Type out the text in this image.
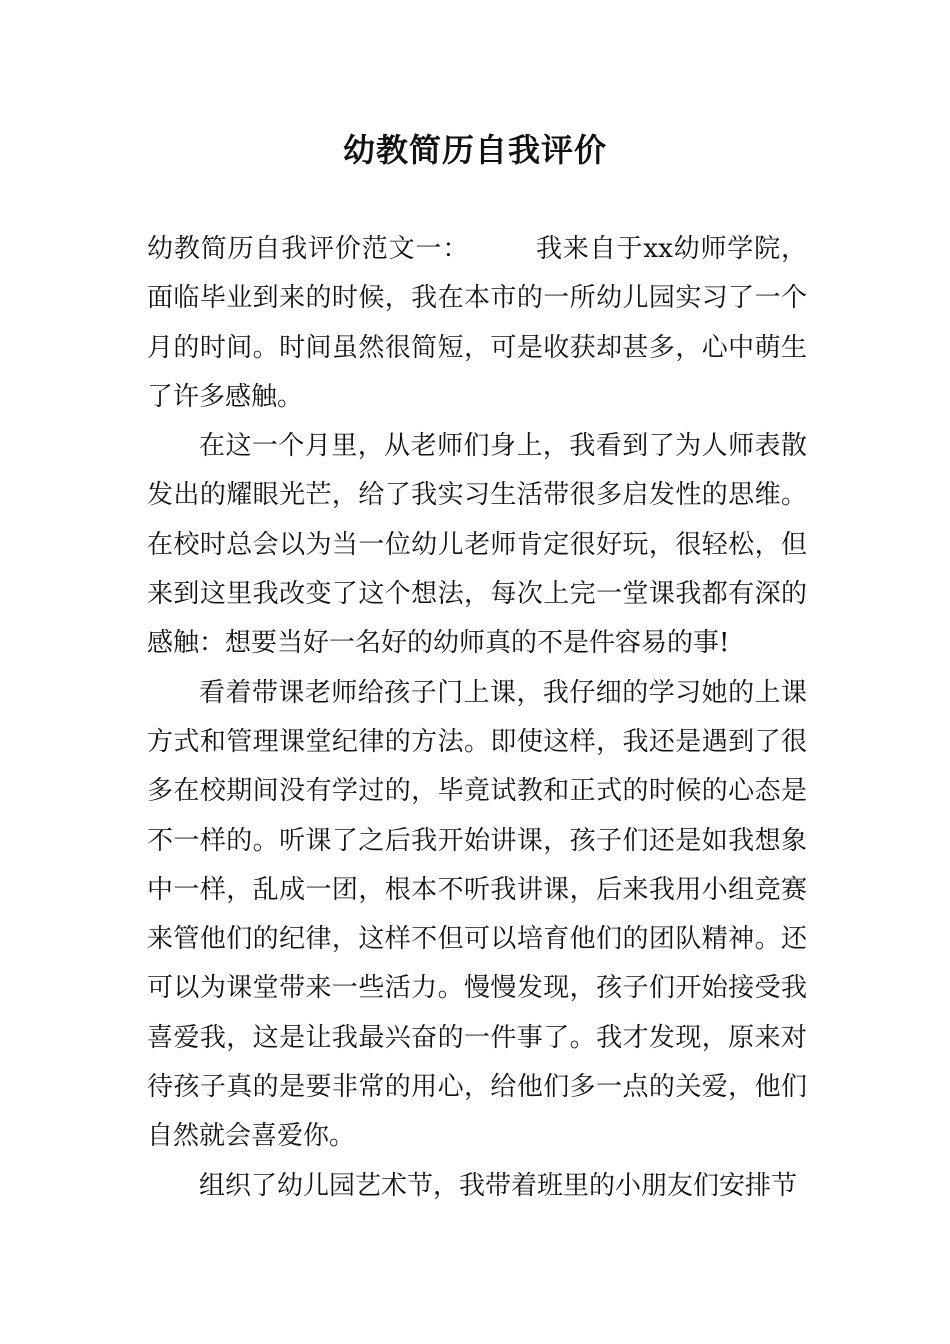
幼教简历自我评价

幼教简历自我评价范文一：	我来自于xx幼师学院，面临毕业到来的时候，我在本市的一所幼儿园实习了一个月的时间。时间虽然很简短，可是收获却甚多，心中萌生了许多感触。

在这一个月里，从老师们身上，我看到了为人师表散发出的耀眼光芒，给了我实习生活带很多启发性的思维。在校时总会以为当一位幼儿老师肯定很好玩，很轻松，但来到这里我改变了这个想法，每次上完一堂课我都有深的感触：想要当好一名好的幼师真的不是件容易的事!

看着带课老师给孩子门上课，我仔细的学习她的上课方式和管理课堂纪律的方法。即使这样，我还是遇到了很多在校期间没有学过的，毕竟试教和正式的时候的心态是不一样的。听课了之后我开始讲课，孩子们还是如我想象中一样，乱成一团，根本不听我讲课，后来我用小组竞赛来管他们的纪律，这样不但可以培育他们的团队精神。还可以为课堂带来一些活力。慢慢发现，孩子们开始接受我喜爱我，这是让我最兴奋的一件事了。我才发现，原来对待孩子真的是要非常的用心，给他们多一点的关爱，他们自然就会喜爱你。

组织了幼儿园艺术节，我带着班里的小朋友们安排节
